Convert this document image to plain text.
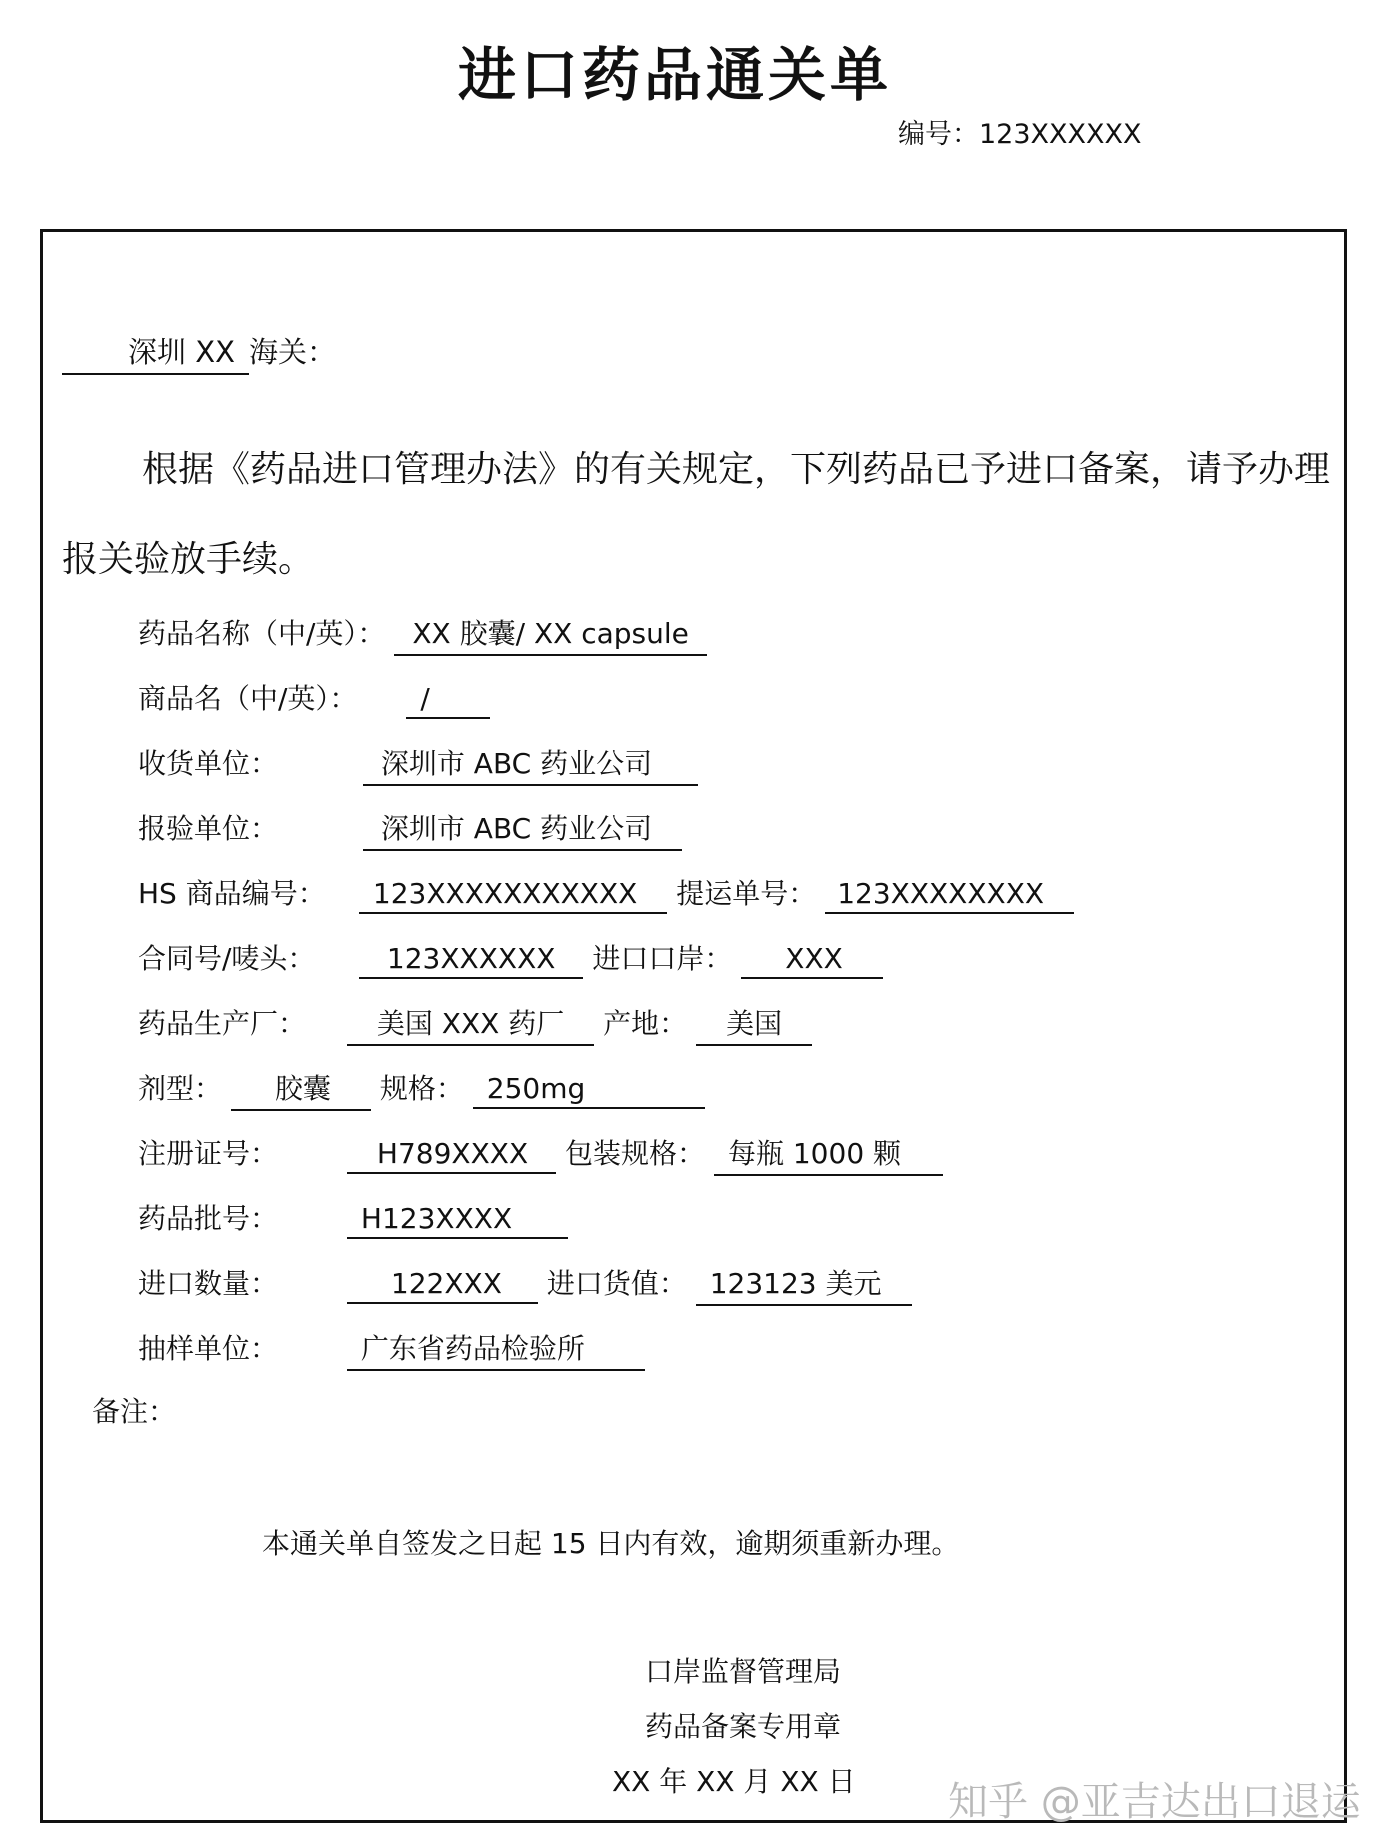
进口药品通关单
编号：123XXXXXX
深圳 XX 海关：
根据《药品进口管理办法》的有关规定，下列药品已予进口备案，请予办理报关验放手续。
药品名称（中/英）： XX 胶囊/ XX capsule
商品名（中/英）： /
收货单位：	深圳市 ABC 药业公司
报验单位：	深圳市 ABC 药业公司
HS 商品编号： 123XXXXXXXXXXX 提运单号： 123XXXXXXXX
合同号/唛头：	123XXXXXX 进口口岸： XXX
药品生产厂：	美国 XXX 药厂 产地： 美国
剂型： 胶囊 规格： 250mg
注册证号：	H789XXXX 包装规格： 每瓶 1000 颗
药品批号：	H123XXXX
进口数量：	122XXX 进口货值： 123123 美元
抽样单位：	广东省药品检验所
备注：
本通关单自签发之日起 15 日内有效，逾期须重新办理。
口岸监督管理局
药品备案专用章
XX 年 XX 月 XX 日 知乎 @亚吉达出口退运
